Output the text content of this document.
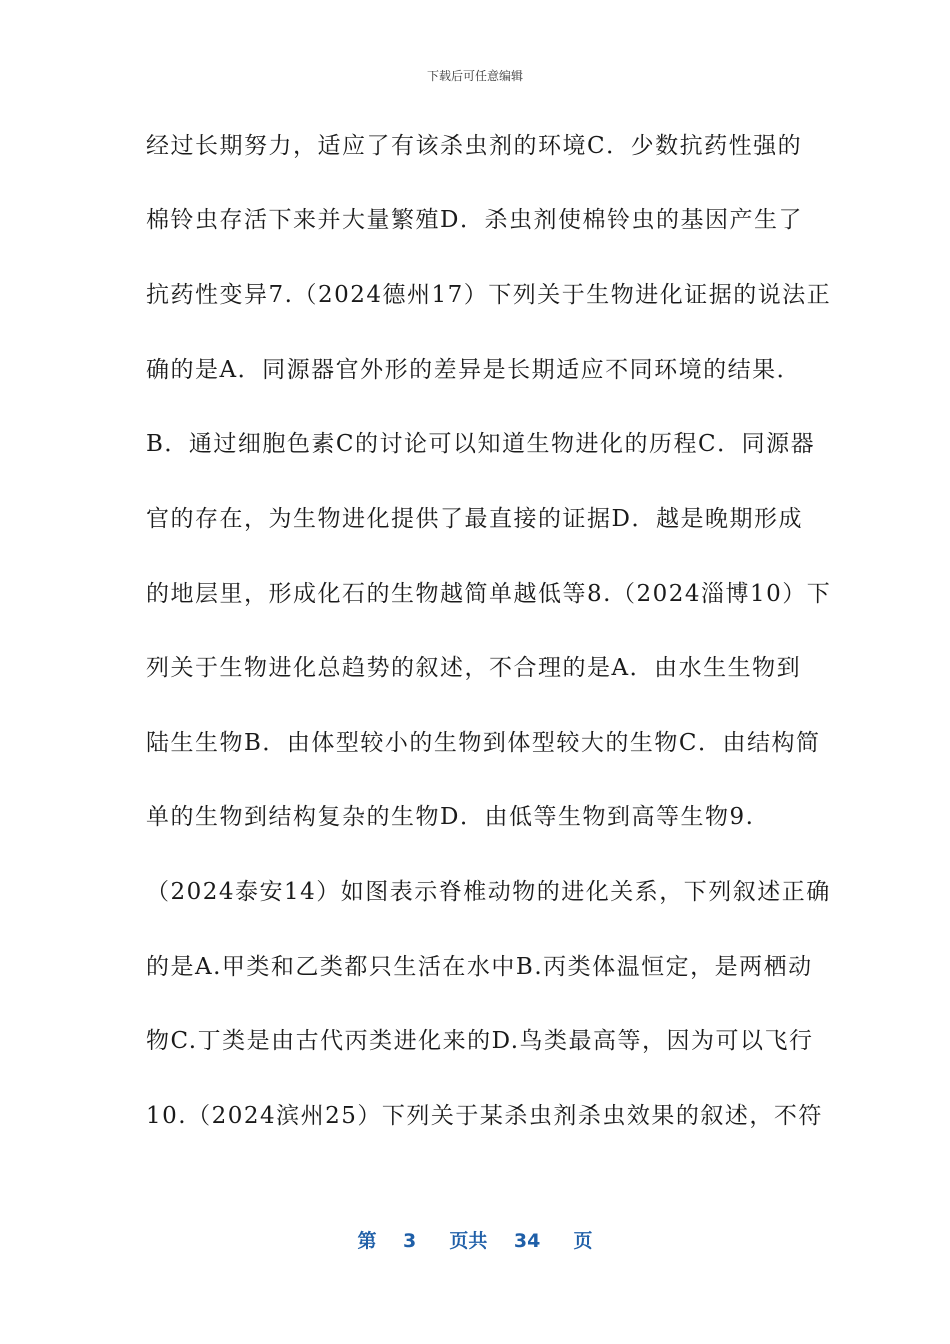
下载后可任意编辑
经过长期努力，适应了有该杀虫剂的环境C．少数抗药性强的
棉铃虫存活下来并大量繁殖D．杀虫剂使棉铃虫的基因产生了
抗药性变异7.（2024德州17）下列关于生物进化证据的说法正
确的是A．同源器官外形的差异是长期适应不同环境的结果．
B．通过细胞色素C的讨论可以知道生物进化的历程C．同源器
官的存在，为生物进化提供了最直接的证据D．越是晚期形成
的地层里，形成化石的生物越简单越低等8.（2024淄博10）下
列关于生物进化总趋势的叙述，不合理的是A．由水生生物到
陆生生物B．由体型较小的生物到体型较大的生物C．由结构简
单的生物到结构复杂的生物D．由低等生物到高等生物9.
（2024泰安14）如图表示脊椎动物的进化关系，下列叙述正确
的是A.甲类和乙类都只生活在水中B.丙类体温恒定，是两栖动
物C.丁类是由古代丙类进化来的D.鸟类最高等，因为可以飞行
10.（2024滨州25）下列关于某杀虫剂杀虫效果的叙述，不符
第 3 页共 34 页
